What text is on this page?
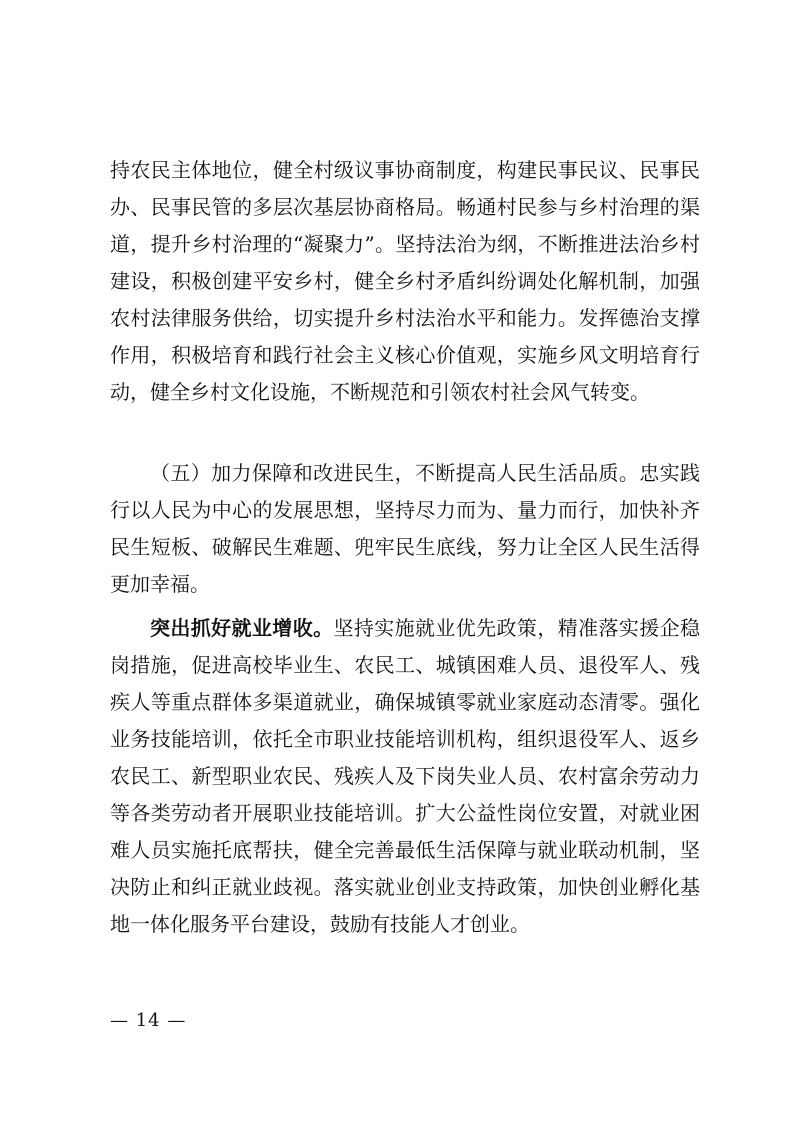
持农民主体地位，健全村级议事协商制度，构建民事民议、民事民办、民事民管的多层次基层协商格局。畅通村民参与乡村治理的渠道，提升乡村治理的“凝聚力”。坚持法治为纲，不断推进法治乡村建设，积极创建平安乡村，健全乡村矛盾纠纷调处化解机制，加强农村法律服务供给，切实提升乡村法治水平和能力。发挥德治支撑作用，积极培育和践行社会主义核心价值观，实施乡风文明培育行动，健全乡村文化设施，不断规范和引领农村社会风气转变。

（五）加力保障和改进民生，不断提高人民生活品质。忠实践行以人民为中心的发展思想，坚持尽力而为、量力而行，加快补齐民生短板、破解民生难题、兜牢民生底线，努力让全区人民生活得更加幸福。

突出抓好就业增收。坚持实施就业优先政策，精准落实援企稳岗措施，促进高校毕业生、农民工、城镇困难人员、退役军人、残疾人等重点群体多渠道就业，确保城镇零就业家庭动态清零。强化业务技能培训，依托全市职业技能培训机构，组织退役军人、返乡农民工、新型职业农民、残疾人及下岗失业人员、农村富余劳动力等各类劳动者开展职业技能培训。扩大公益性岗位安置，对就业困难人员实施托底帮扶，健全完善最低生活保障与就业联动机制，坚决防止和纠正就业歧视。落实就业创业支持政策，加快创业孵化基地一体化服务平台建设，鼓励有技能人才创业。

— 14 —
